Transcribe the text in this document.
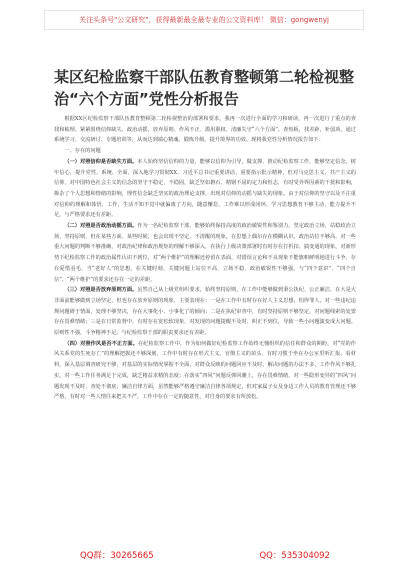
关注头条号"公文研究"，获得最新最全最专业的公文资料库！ 微信：gongwenyj
某区纪检监察干部队伍教育整顿第二轮检视整治“六个方面”党性分析报告

根据XX区纪检监察干部队伍教育整顿第二轮检视整治的部署和要求，我再一次进行全面的学习和研读，再一次进行了重点的查找和梳理。紧紧围绕信仰缺失、政治动摇，放弃原则、作风不正、滥用职权、清廉失守“六个方面”，查短板，找差距，补弱项，通过系统学习、交流研讨、专题培训等，从而达到端心精魂、锻炼升级、提升境界的功效。现将我党性分析情况报告如下：

一、存在的问题

（一）对照信仰是否缺失方面。本人始终坚信信仰的力量，能够以信仰为引导，做支撑，推动纪检监察工作，能够坚定信念，树牢信心，提升党性，系统、全面、深入地学习贯彻XX、习近平总书记重要讲话、重要指示批示精神，但对马克思主义、共产主义的信仰，对中国特色社会主义的信念的坚守不稳定，不稳固，缺乏坚如磐石、精钢不屈的定力和恒志，有时受外界因素的干扰和影响，掺杂了个人思想和情绪的影响，理性信念缺乏坚实的政治理论支撑，出现对信仰的动摇与缺失的现象。由于对信仰的坚守以及不注重对信仰的理解和体悟，工作、生活不知不觉中就偏离了方向，随意懈怠，工作难以形成闭环，学习思想教育不够主动，能力提升不足，与严格要求还有差距。

（二）对照是否政治动摇方面。作为一名纪检监察干部，能够始终保持高度的政治敏锐性和鉴别力，坚定政治立场，站稳政治立场，坚持原则，但在某些方面、某些时候，也会出现不坚定、不清醒的现象，在思想上偶尔存在模糊认识，政治站位不够高，对一些重大问题的判断不够准确，对政治纪律和政治规矩的理解不够深入，在执行上级决策部署时有时存在打折扣、搞变通的现象，对新形势下纪检监察工作的政治属性认识不到位，对“两个维护”的理解还停留在表面，对错误言论和不良现象不能旗帜鲜明地进行斗争，存在爱惜羽毛、当“老好人”的思想，在关键时刻、关键问题上站位不高、立场不稳，政治敏锐性不够强，与“四个意识”、“四个自信”、“两个维护”的要求还存在一定的差距。

（三）对照是否放弃原则方面。虽然自己从上级党组织要求，始终坚持原则，在工作中能够做到秉公执纪、公正廉洁，在大是大非面前能够做到立场坚定，但也存在放弃原则的现象，主要表现在：一是在工作中有时存在好人主义思想，怕得罪人，对一些违纪违规问题碍于情面，处理不够坚决，存在大事化小、小事化了的倾向；二是在执纪审查中，有时坚持原则不够坚定，对问题线索的处置存在畏难情绪；三是在日常监督中，有时存在宽松软现象，对发现的问题提醒不及时、纠正不到位，导致一些小问题演变成大问题。原则性不强，斗争精神不足，与纪检监察干部的职责要求还有差距。

（四）对照作风是否不正方面。在纪检监察工作中，作为如何做好纪检监察工作始终无愧组织的信任和群众的期盼，对“党的作风关系党的生死存亡”的理解把握还不够深刻，工作中有时存在形式主义、官僚主义的苗头，有时习惯于坐在办公室里听汇报、看材料，深入基层调查研究不够，对基层的实际情况掌握不全面，对群众反映的问题回应不及时，解决问题的办法不多，工作作风不够扎实，对一些工作任务满足于完成，缺乏精益求精的态度；在落实“四风”问题反弹回潮上，存在畏难情绪，对一些隐形变异的“四风”问题发现不及时、查处不彻底；廉洁自律方面，虽然能够严格遵守廉洁自律各项规定，但对家属子女及身边工作人员的教育管理还不够严格，有时对一些人情往来把关不严，工作中存在一定的随意性，对自身的要求有所放松。

QQ群：30265665	QQ：535304092
